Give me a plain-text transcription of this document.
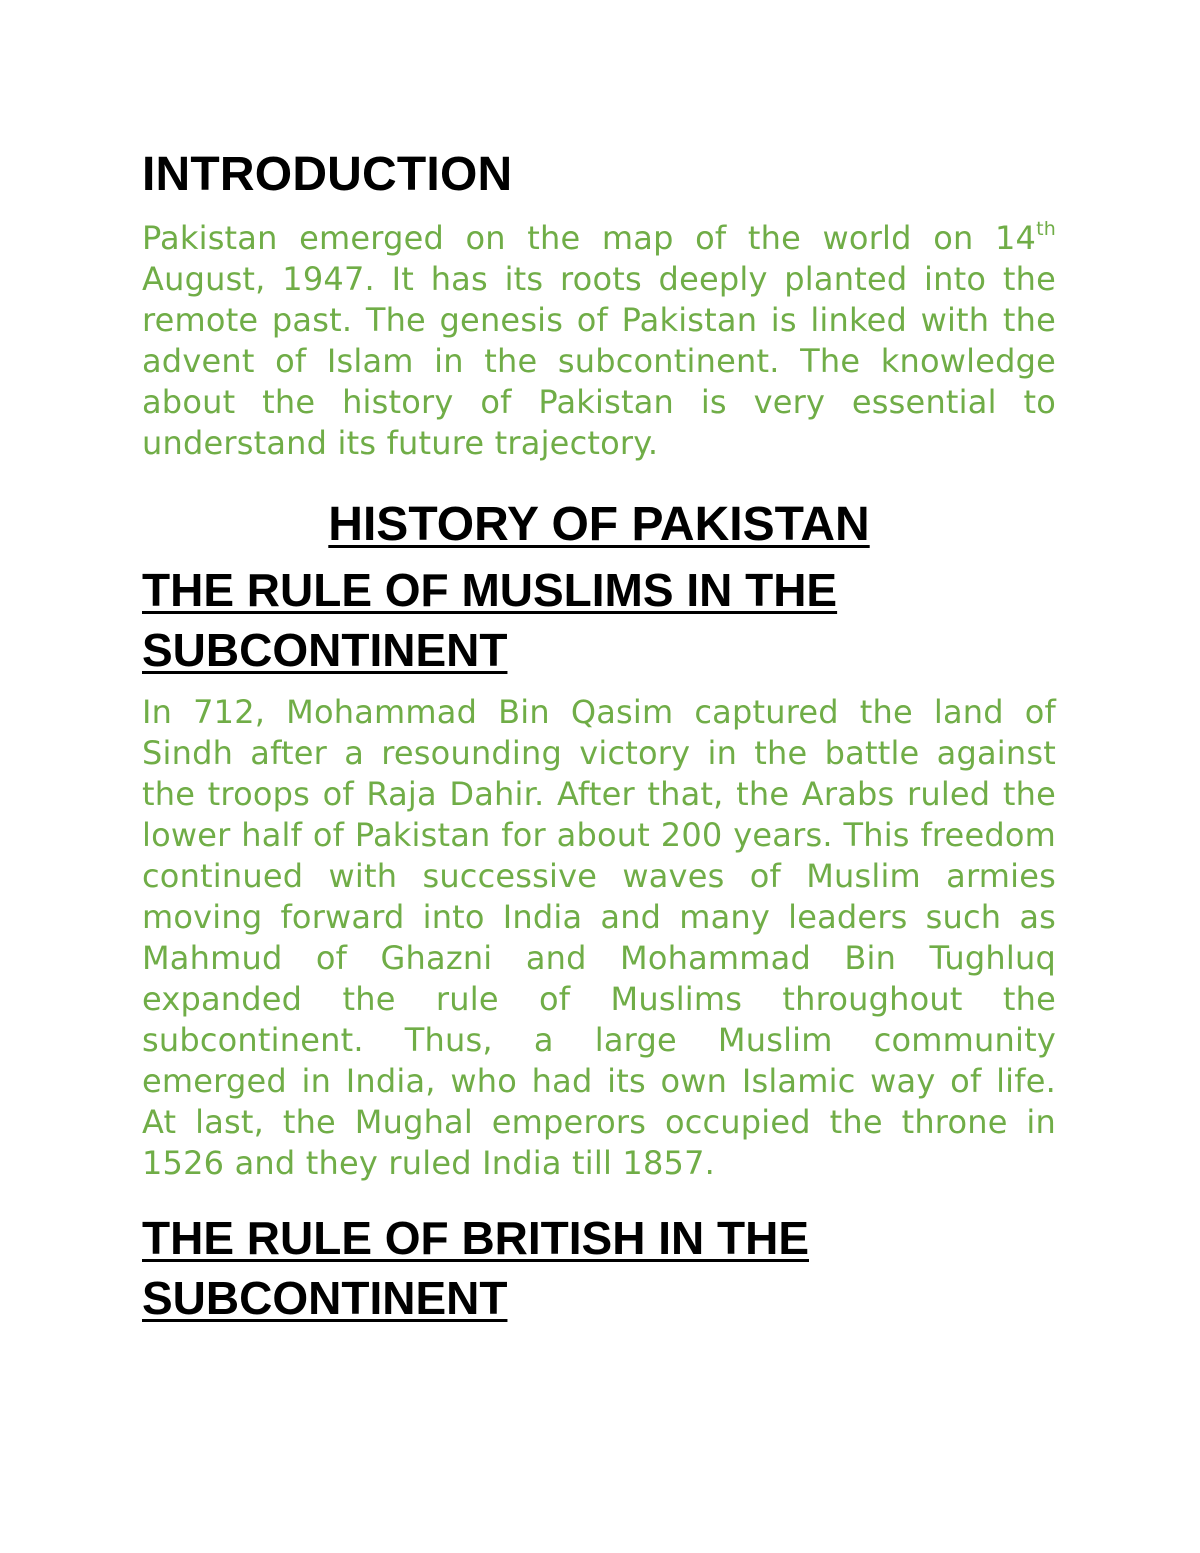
INTRODUCTION

Pakistan emerged on the map of the world on 14th August, 1947. It has its roots deeply planted into the remote past. The genesis of Pakistan is linked with the advent of Islam in the subcontinent. The knowledge about the history of Pakistan is very essential to understand its future trajectory.

HISTORY OF PAKISTAN
THE RULE OF MUSLIMS IN THE
SUBCONTINENT

In 712, Mohammad Bin Qasim captured the land of Sindh after a resounding victory in the battle against the troops of Raja Dahir. After that, the Arabs ruled the lower half of Pakistan for about 200 years. This freedom continued with successive waves of Muslim armies moving forward into India and many leaders such as Mahmud of Ghazni and Mohammad Bin Tughluq expanded the rule of Muslims throughout the subcontinent. Thus, a large Muslim community emerged in India, who had its own Islamic way of life. At last, the Mughal emperors occupied the throne in 1526 and they ruled India till 1857.

THE RULE OF BRITISH IN THE
SUBCONTINENT
